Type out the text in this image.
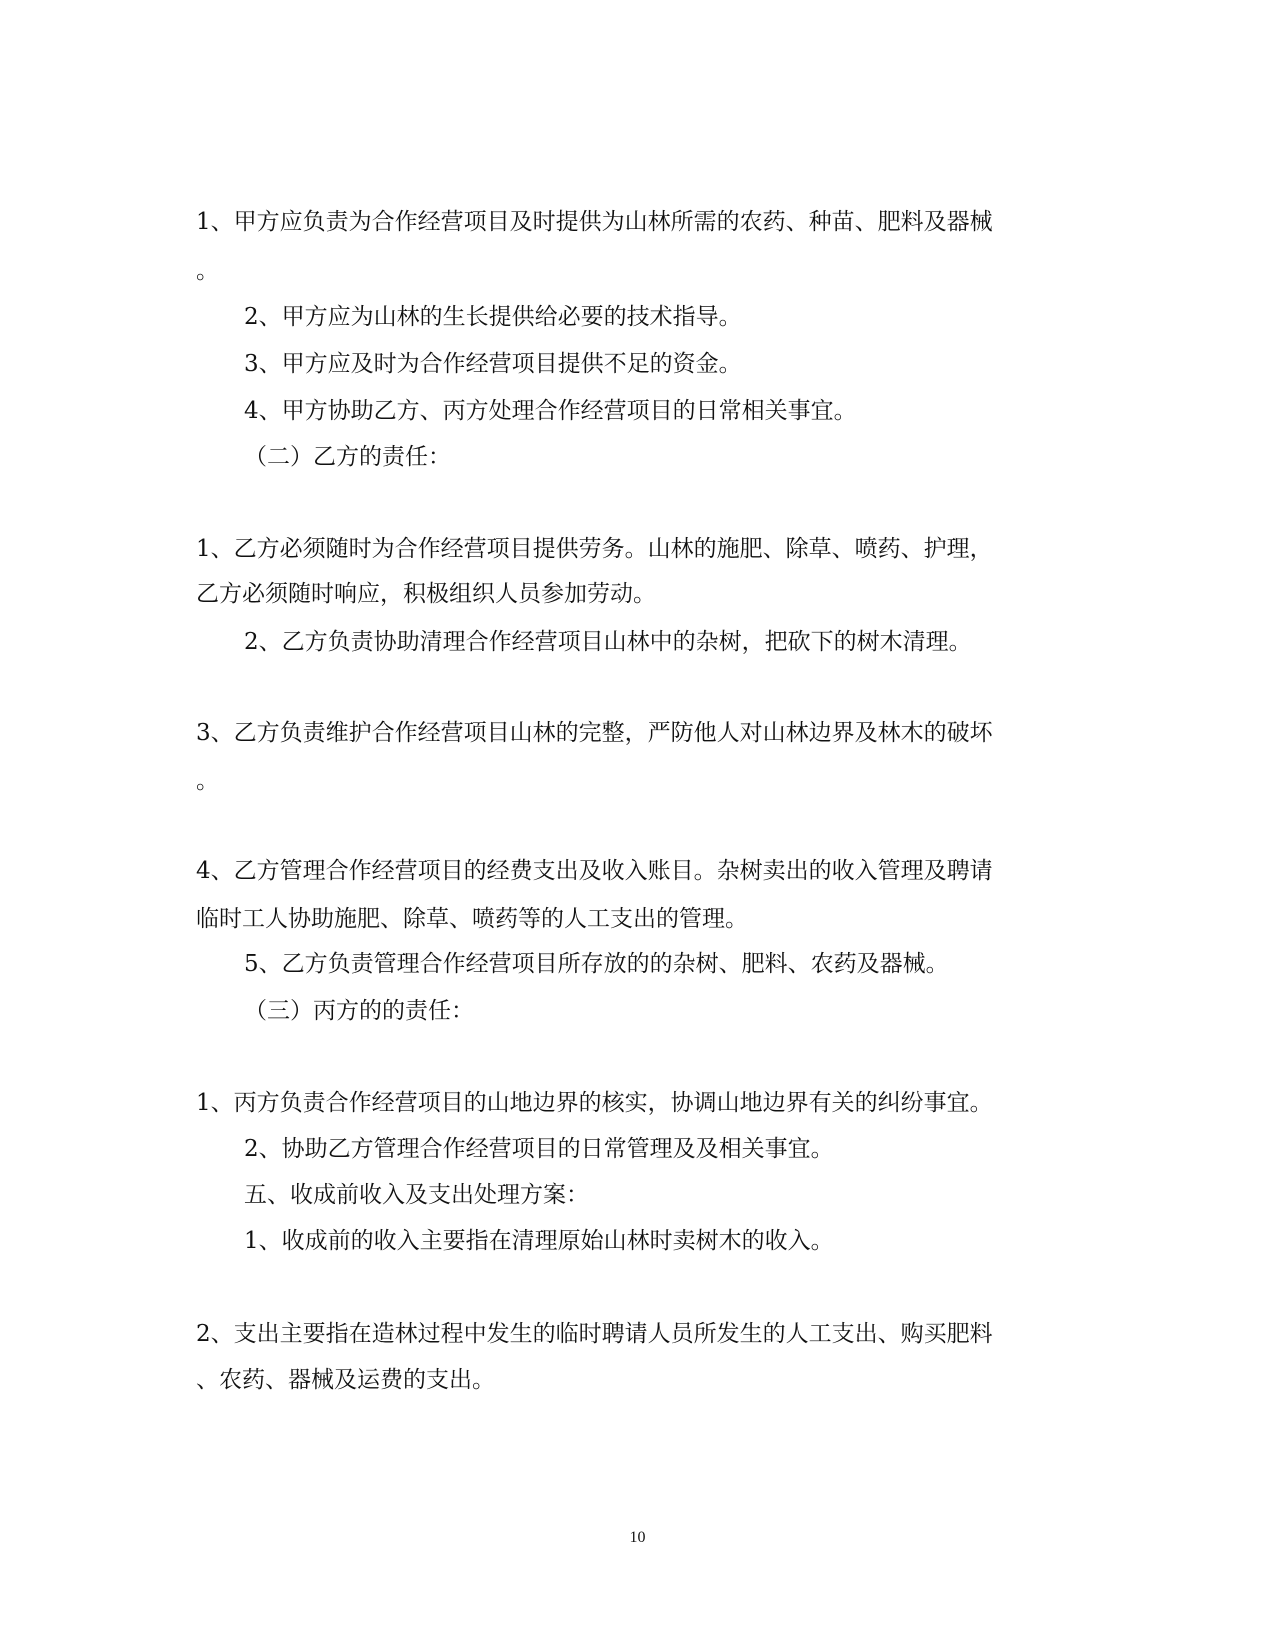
1、甲方应负责为合作经营项目及时提供为山林所需的农药、种苗、肥料及器械

。

2、甲方应为山林的生长提供给必要的技术指导。

3、甲方应及时为合作经营项目提供不足的资金。

4、甲方协助乙方、丙方处理合作经营项目的日常相关事宜。

（二）乙方的责任：

1、乙方必须随时为合作经营项目提供劳务。山林的施肥、除草、喷药、护理，

乙方必须随时响应，积极组织人员参加劳动。

2、乙方负责协助清理合作经营项目山林中的杂树，把砍下的树木清理。

3、乙方负责维护合作经营项目山林的完整，严防他人对山林边界及林木的破坏

。

4、乙方管理合作经营项目的经费支出及收入账目。杂树卖出的收入管理及聘请

临时工人协助施肥、除草、喷药等的人工支出的管理。

5、乙方负责管理合作经营项目所存放的的杂树、肥料、农药及器械。

（三）丙方的的责任：

1、丙方负责合作经营项目的山地边界的核实，协调山地边界有关的纠纷事宜。

2、协助乙方管理合作经营项目的日常管理及及相关事宜。

五、收成前收入及支出处理方案：

1、收成前的收入主要指在清理原始山林时卖树木的收入。

2、支出主要指在造林过程中发生的临时聘请人员所发生的人工支出、购买肥料

、农药、器械及运费的支出。

10
